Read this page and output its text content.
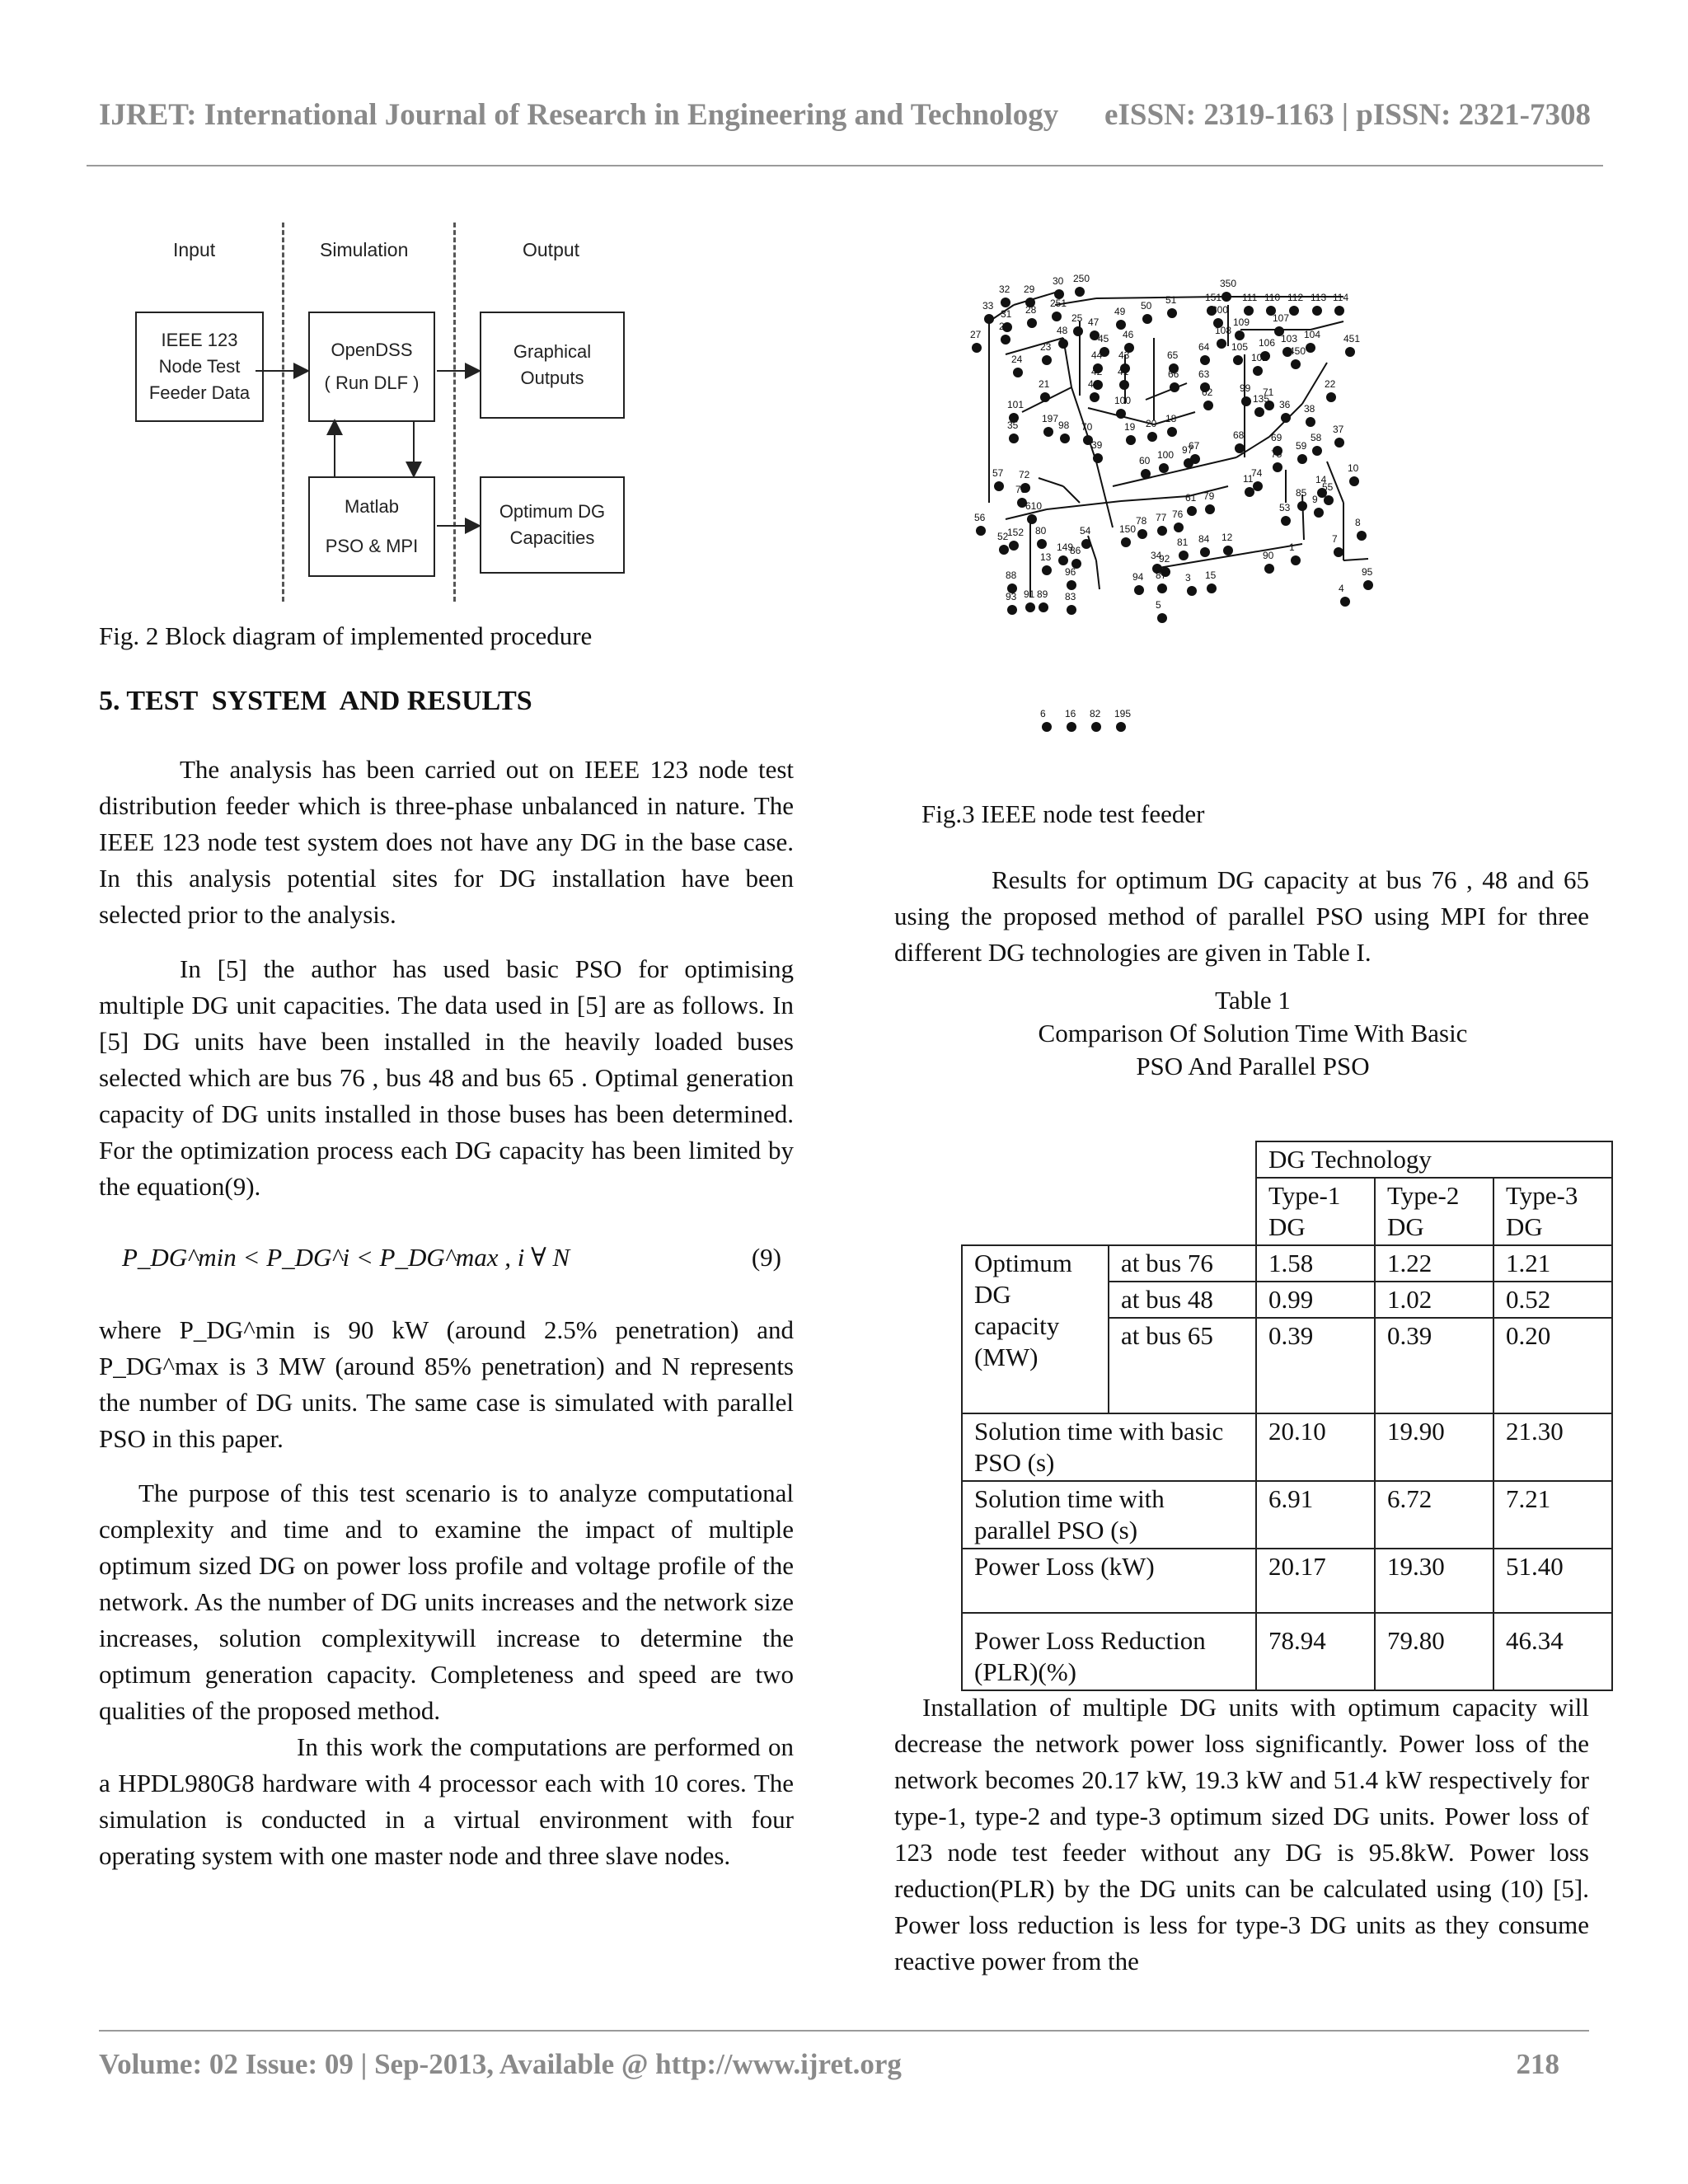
IJRET: International Journal of Research in Engineering and Technology eISSN: 2319-1163 | pISSN: 2321-7308
Input	Simulation	Output
IEEE 123 Node Test Feeder Data
OpenDSS
( Run DLF )
Graphical Outputs
Matlab
PSO & MPI
Optimum DG Capacities
Fig. 2 Block diagram of implemented procedure
5. TEST  SYSTEM  AND RESULTS

The analysis has been carried out on IEEE 123 node test distribution feeder which is three-phase unbalanced in nature. The IEEE 123 node test system does not have any DG in the base case. In this analysis potential sites for DG installation have been selected prior to the analysis.

In [5] the author has used basic PSO for optimising multiple DG unit capacities. The data used in [5] are as follows. In [5] DG units have been installed in the heavily loaded buses selected which are bus 76 , bus 48 and bus 65 . Optimal generation capacity of DG units installed in those buses has been determined. For the optimization process each DG capacity has been limited by the equation(9).

P_DG^min < P_DG^i < P_DG^max , i ∀ N	(9)

where P_DG^min is 90 kW (around 2.5% penetration) and P_DG^max is 3 MW (around 85% penetration) and N represents the number of DG units. The same case is simulated with parallel PSO in this paper.

The purpose of this test scenario is to analyze computational complexity and time and to examine the impact of multiple optimum sized DG on power loss profile and voltage profile of the network. As the number of DG units increases and the network size increases, solution complexitywill increase to determine the optimum generation capacity. Completeness and speed are two qualities of the proposed method.

In this work the computations are performed on a HPDL980G8 hardware with 4 processor each with 10 cores. The simulation is conducted in a virtual environment with four operating system with one master node and three slave nodes.

32 29
30 250
33
31 28
251
25 47
49 50 51	151
350
300
111 110 112 113 114
27
26
23
48
45 46	108
109 107
24	44 43	65
64	106 103 104 451
42 41	66 63
105
102
450
21	40
62
101	100
99 71
22
35
197
98 70	19 20 18
135 36 38
39	97
68	69
37
60 100
67
75
59
58
57 72
73
74
11	14
10
610
61 79	85
9
55
56	76
77
78
150
54
53
52
152 80
149	1
7
8
13
86
81 84 12
34
92	90
88	96	94 87 3 15	95
93 91 89 83
4
5
6 16 82 195
Fig.3 IEEE node test feeder

Results for optimum DG capacity at bus 76 , 48 and 65 using the proposed method of parallel PSO using MPI for three different DG technologies are given in Table I.

Table 1
Comparison Of Solution Time With Basic
PSO And Parallel PSO
		DG Technology		
		Type-1 DG	Type-2 DG	Type-3 DG
Optimum DG capacity (MW)	at bus 76	1.58	1.22	1.21
	at bus 48	0.99	1.02	0.52
	at bus 65	0.39	0.39	0.20
Solution time with basic PSO (s)		20.10	19.90	21.30
Solution time with parallel PSO (s)		6.91	6.72	7.21
Power Loss (kW)		20.17	19.30	51.40
Power Loss Reduction (PLR)(%)		78.94	79.80	46.34

Installation of multiple DG units with optimum capacity will decrease the network power loss significantly. Power loss of the network becomes 20.17 kW, 19.3 kW and 51.4 kW respectively for type-1, type-2 and type-3 optimum sized DG units. Power loss of 123 node test feeder without any DG is 95.8kW. Power loss reduction(PLR) by the DG units can be calculated using (10) [5]. Power loss reduction is less for type-3 DG units as they consume reactive power from the

Volume: 02 Issue: 09 | Sep-2013, Available @ http://www.ijret.org	218
